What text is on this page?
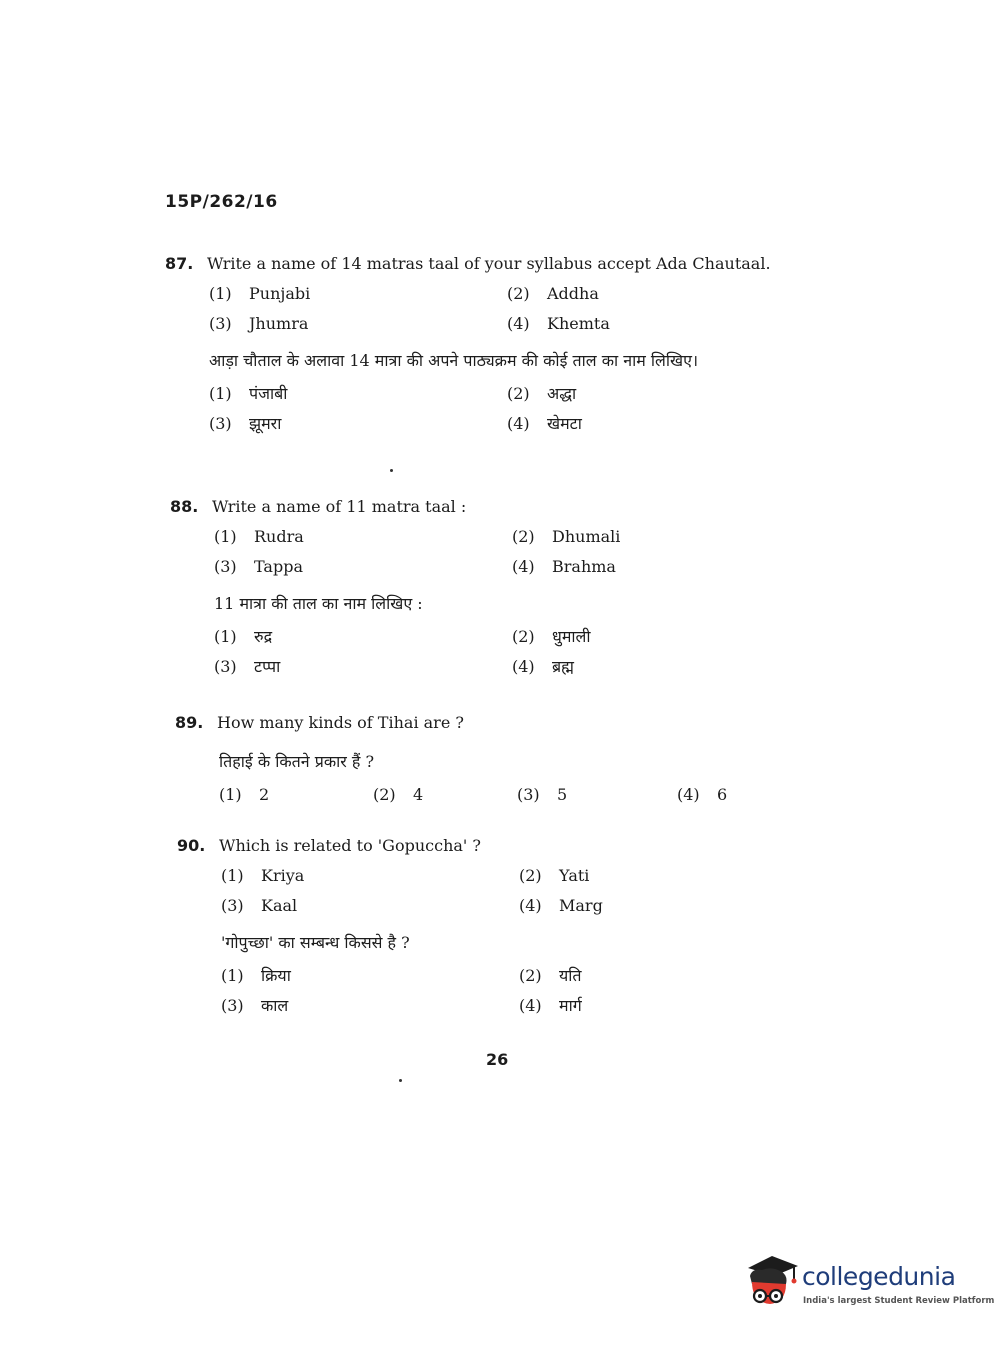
15P/262/16
87. Write a name of 14 matras taal of your syllabus accept Ada Chautaal.
(1) Punjabi	(2) Addha
(3) Jhumra	(4) Khemta
आड़ा चौताल के अलावा 14 मात्रा की अपने पाठ्यक्रम की कोई ताल का नाम लिखिए।
(1) पंजाबी	(2) अद्धा
(3) झूमरा	(4) खेमटा
88. Write a name of 11 matra taal :
(1) Rudra	(2) Dhumali
(3) Tappa	(4) Brahma
11 मात्रा की ताल का नाम लिखिए :
(1) रुद्र	(2) धुमाली
(3) टप्पा	(4) ब्रह्म
89. How many kinds of Tihai are ?
तिहाई के कितने प्रकार हैं ?
(1) 2	(2) 4	(3) 5	(4) 6
90. Which is related to 'Gopuccha' ?
(1) Kriya	(2) Yati
(3) Kaal	(4) Marg
'गोपुच्छा' का सम्बन्ध किससे है ?
(1) क्रिया	(2) यति
(3) काल	(4) मार्ग
26
collegedunia
India's largest Student Review Platform
